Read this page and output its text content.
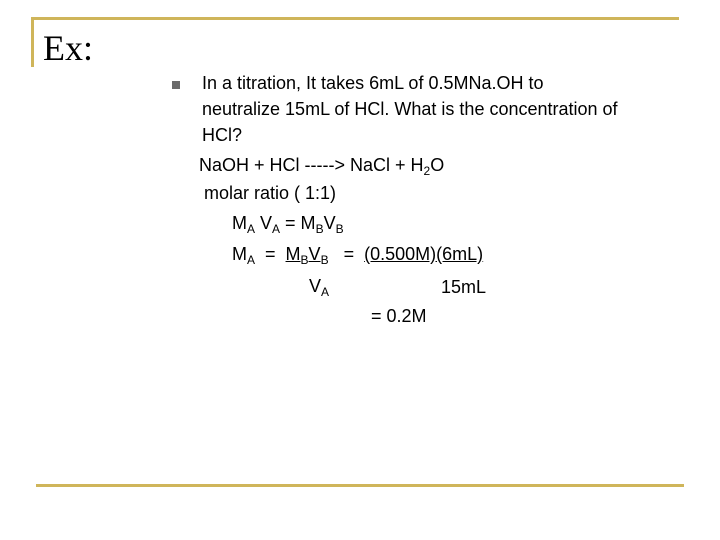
Ex:
In a titration, It takes 6mL of 0.5MNa.OH to
neutralize 15mL of HCl. What is the concentration of
HCl?
NaOH + HCl -----> NaCl + $H_2O$
molar ratio ( 1:1)
$M_A$ $V_A = M_BV_B$
$M_A = M_BV_B = (0.500M)(6mL)$
$V_A$	15mL
= 0.2M
